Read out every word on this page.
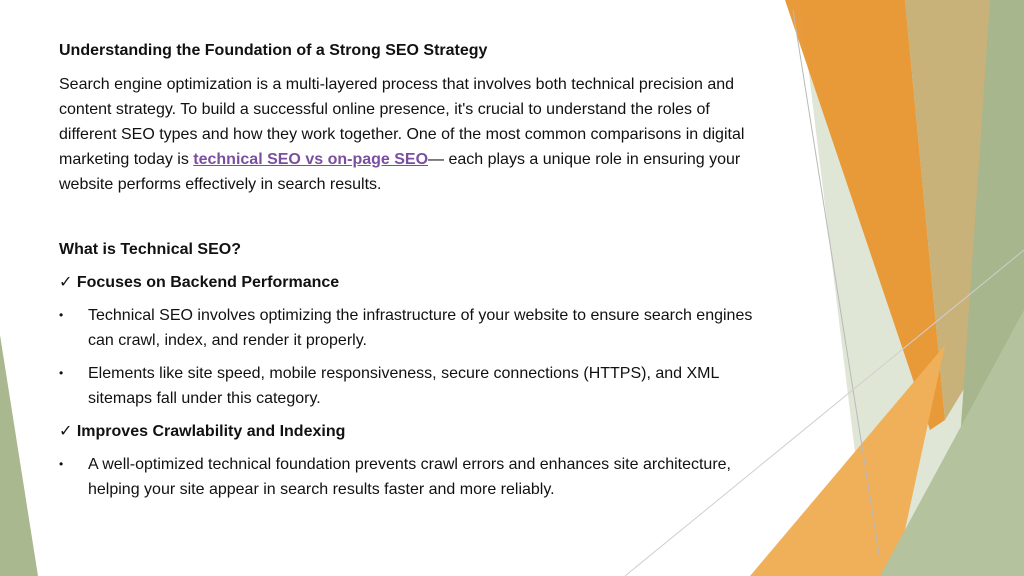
Understanding the Foundation of a Strong SEO Strategy

Search engine optimization is a multi-layered process that involves both technical precision and content strategy. To build a successful online presence, it's crucial to understand the roles of different SEO types and how they work together. One of the most common comparisons in digital marketing today is technical SEO vs on-page SEO— each plays a unique role in ensuring your website performs effectively in search results.

What is Technical SEO?

✓ Focuses on Backend Performance

• Technical SEO involves optimizing the infrastructure of your website to ensure search engines can crawl, index, and render it properly.
• Elements like site speed, mobile responsiveness, secure connections (HTTPS), and XML sitemaps fall under this category.

✓ Improves Crawlability and Indexing

• A well-optimized technical foundation prevents crawl errors and enhances site architecture, helping your site appear in search results faster and more reliably.
